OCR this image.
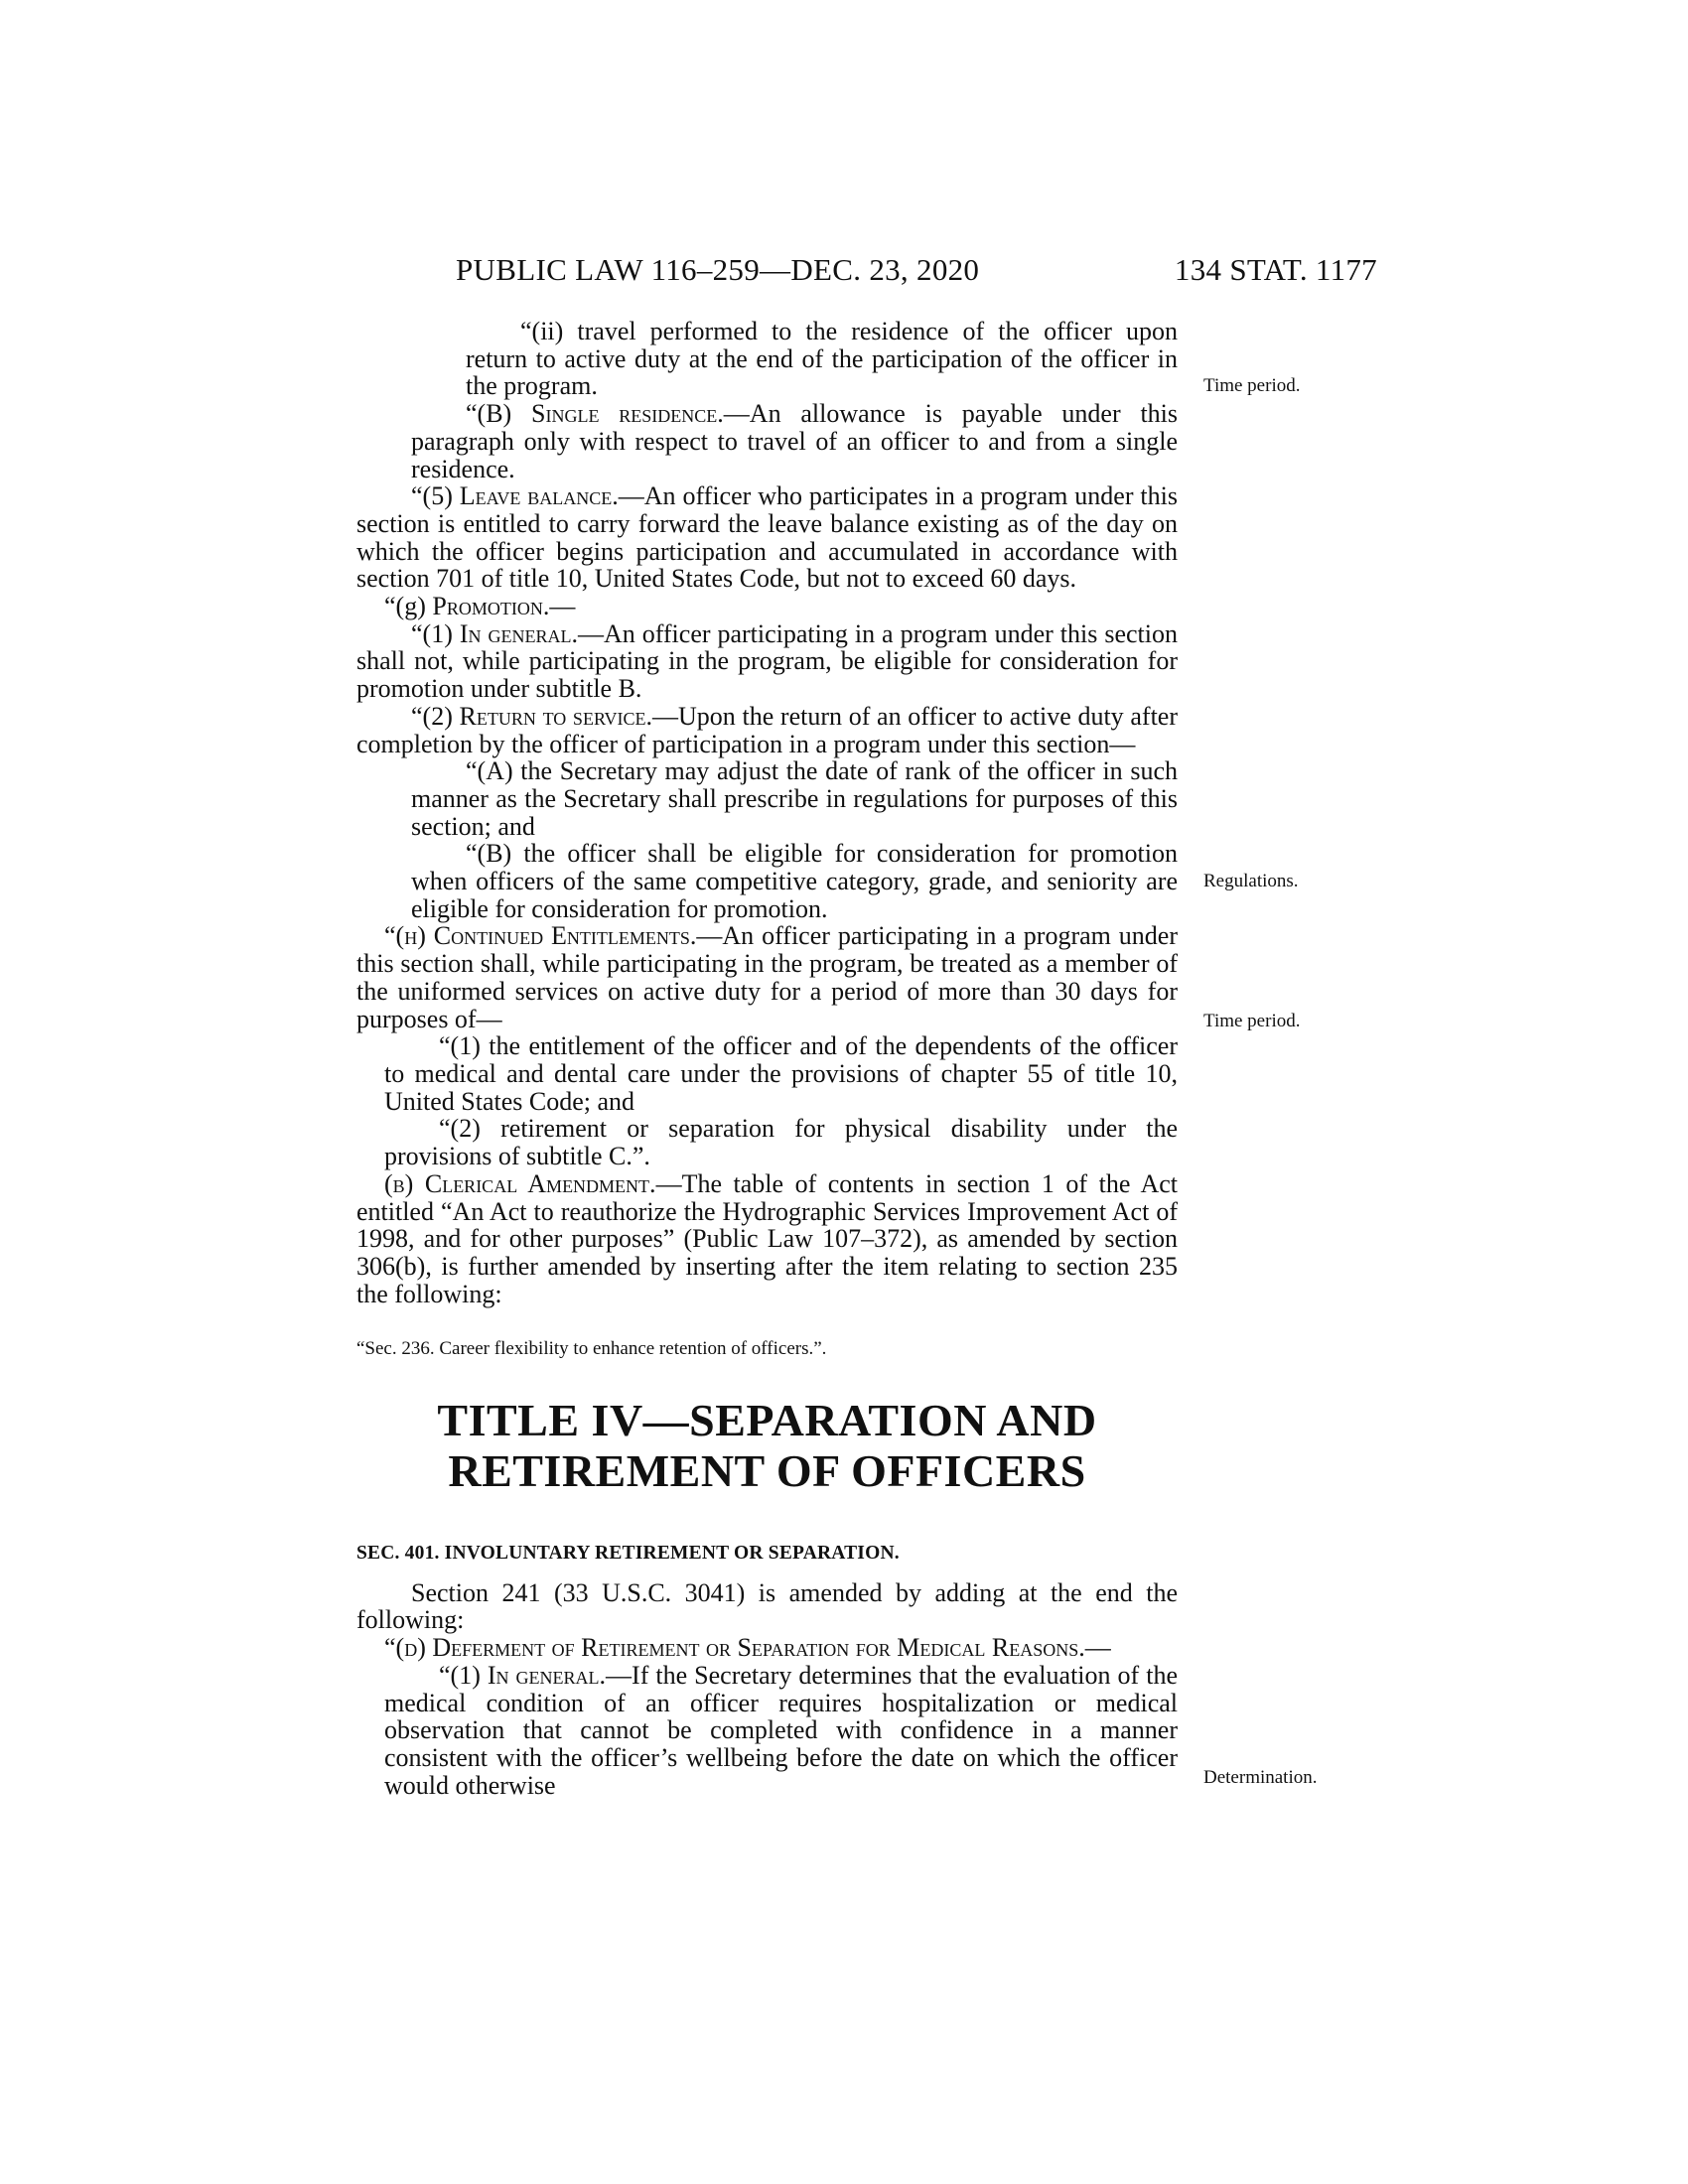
PUBLIC LAW 116–259—DEC. 23, 2020	134 STAT. 1177

“(ii) travel performed to the residence of the officer upon return to active duty at the end of the participation of the officer in the program.

“(B) Single residence.—An allowance is payable under this paragraph only with respect to travel of an officer to and from a single residence.

“(5) Leave balance.—An officer who participates in a program under this section is entitled to carry forward the leave balance existing as of the day on which the officer begins participation and accumulated in accordance with section 701 of title 10, United States Code, but not to exceed 60 days.

“(g) Promotion.—

“(1) In general.—An officer participating in a program under this section shall not, while participating in the program, be eligible for consideration for promotion under subtitle B.

“(2) Return to service.—Upon the return of an officer to active duty after completion by the officer of participation in a program under this section—

“(A) the Secretary may adjust the date of rank of the officer in such manner as the Secretary shall prescribe in regulations for purposes of this section; and

“(B) the officer shall be eligible for consideration for promotion when officers of the same competitive category, grade, and seniority are eligible for consideration for promotion.

“(h) Continued Entitlements.—An officer participating in a program under this section shall, while participating in the program, be treated as a member of the uniformed services on active duty for a period of more than 30 days for purposes of—

“(1) the entitlement of the officer and of the dependents of the officer to medical and dental care under the provisions of chapter 55 of title 10, United States Code; and

“(2) retirement or separation for physical disability under the provisions of subtitle C.”.

(b) Clerical Amendment.—The table of contents in section 1 of the Act entitled “An Act to reauthorize the Hydrographic Services Improvement Act of 1998, and for other purposes” (Public Law 107–372), as amended by section 306(b), is further amended by inserting after the item relating to section 235 the following:

“Sec. 236. Career flexibility to enhance retention of officers.”.

TITLE IV—SEPARATION AND
RETIREMENT OF OFFICERS
SEC. 401. INVOLUNTARY RETIREMENT OR SEPARATION.

Section 241 (33 U.S.C. 3041) is amended by adding at the end the following:

“(d) Deferment of Retirement or Separation for Medical Reasons.—

“(1) In general.—If the Secretary determines that the evaluation of the medical condition of an officer requires hospitalization or medical observation that cannot be completed with confidence in a manner consistent with the officer’s wellbeing before the date on which the officer would otherwise

Time period.
Regulations.
Time period.
Determination.
